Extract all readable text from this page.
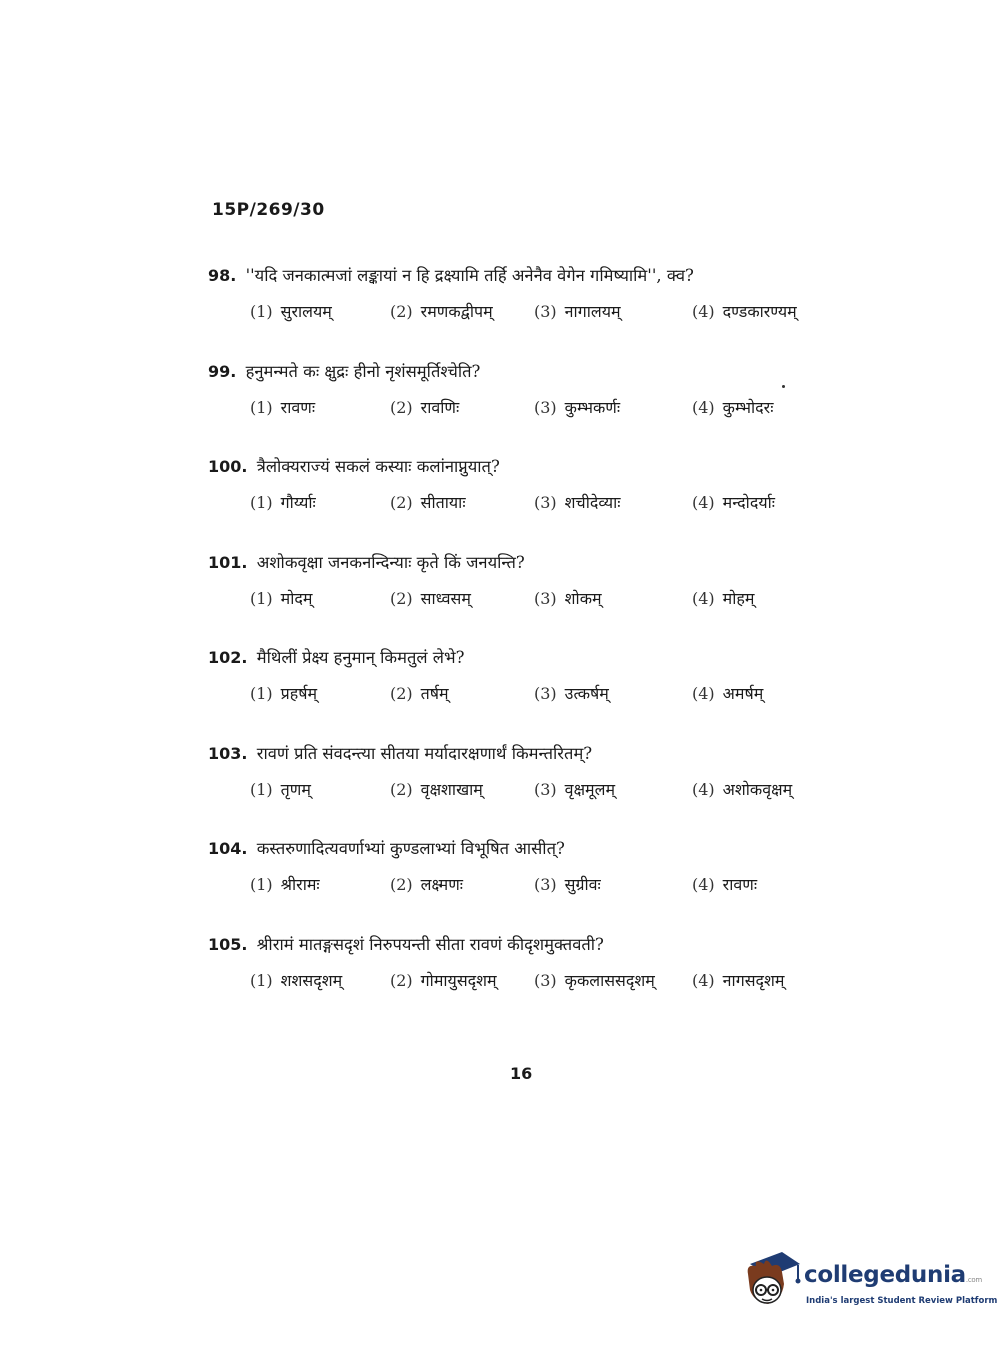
15P/269/30
98. ''यदि जनकात्मजां लङ्कायां न हि द्रक्ष्यामि तर्हि अनेनैव वेगेन गमिष्यामि'', क्व?
(1) सुरालयम्	(2) रमणकद्वीपम्	(3) नागालयम्	(4) दण्डकारण्यम्
99. हनुमन्मते कः क्षुद्रः हीनो नृशंसमूर्तिश्चेति?
(1) रावणः	(2) रावणिः	(3) कुम्भकर्णः	(4) कुम्भोदरः
100. त्रैलोक्यराज्यं सकलं कस्याः कलांनाप्नुयात्?
(1) गौर्य्याः	(2) सीतायाः	(3) शचीदेव्याः	(4) मन्दोदर्याः
101. अशोकवृक्षा जनकनन्दिन्याः कृते किं जनयन्ति?
(1) मोदम्	(2) साध्वसम्	(3) शोकम्	(4) मोहम्
102. मैथिलीं प्रेक्ष्य हनुमान् किमतुलं लेभे?
(1) प्रहर्षम्	(2) तर्षम्	(3) उत्कर्षम्	(4) अमर्षम्
103. रावणं प्रति संवदन्त्या सीतया मर्यादारक्षणार्थं किमन्तरितम्?
(1) तृणम्	(2) वृक्षशाखाम्	(3) वृक्षमूलम्	(4) अशोकवृक्षम्
104. कस्तरुणादित्यवर्णाभ्यां कुण्डलाभ्यां विभूषित आसीत्?
(1) श्रीरामः	(2) लक्ष्मणः	(3) सुग्रीवः	(4) रावणः
105. श्रीरामं मातङ्गसदृशं निरुपयन्ती सीता रावणं कीदृशमुक्तवती?
(1) शशसदृशम्	(2) गोमायुसदृशम् (3) कृकलाससदृशम् (4) नागसदृशम्
16
collegedunia.com
India's largest Student Review Platform
